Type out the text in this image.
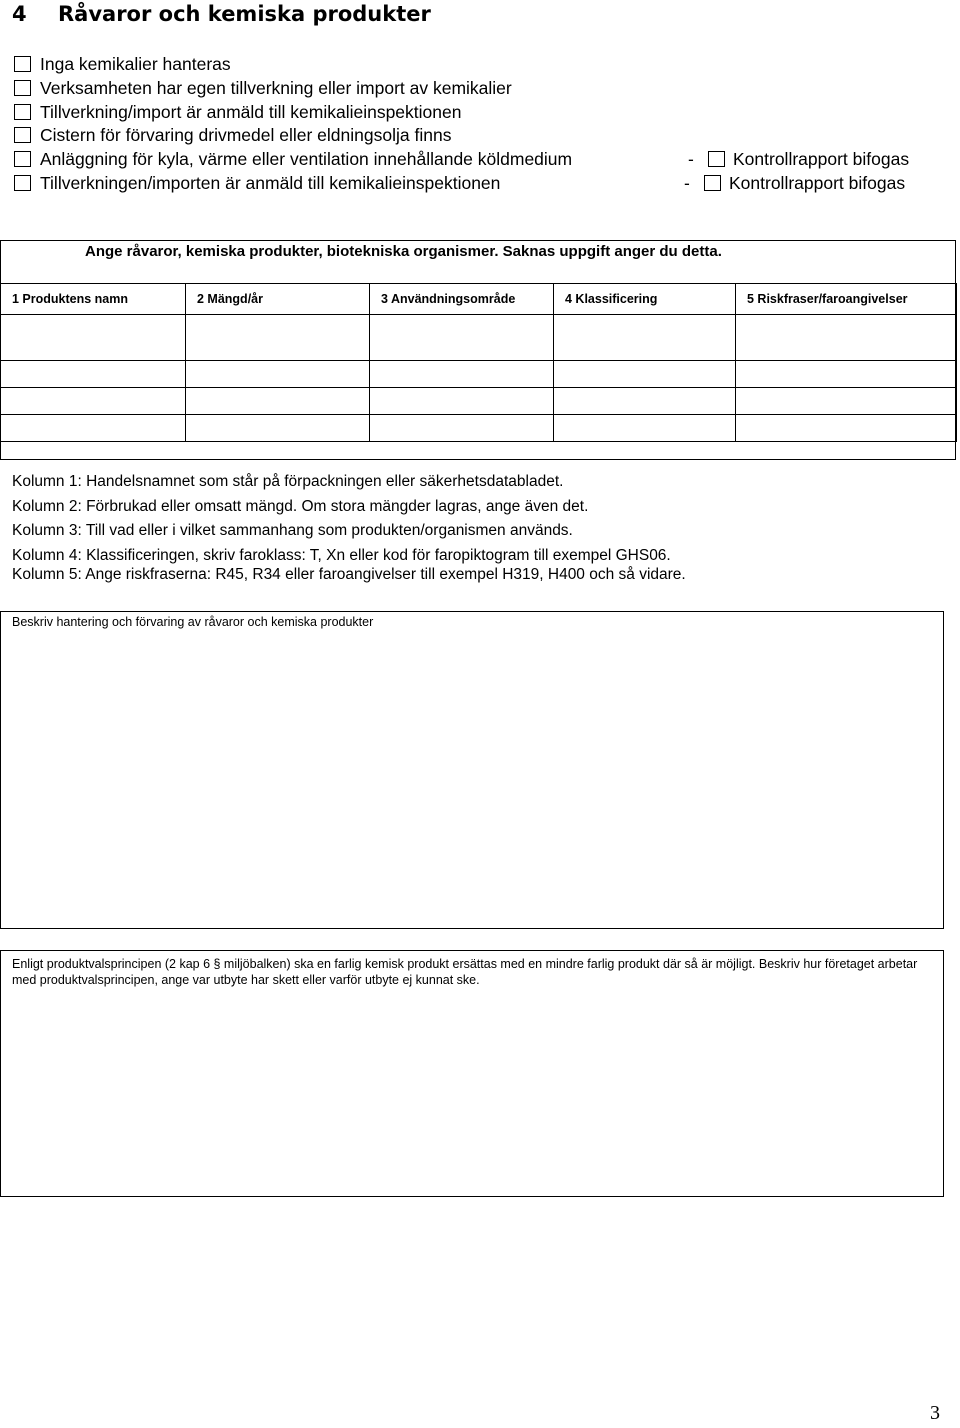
4 Råvaror och kemiska produkter
Inga kemikalier hanteras
Verksamheten har egen tillverkning eller import av kemikalier
Tillverkning/import är anmäld till kemikalieinspektionen
Cistern för förvaring drivmedel eller eldningsolja finns
Anläggning för kyla, värme eller ventilation innehållande köldmedium	- Kontrollrapport bifogas
Tillverkningen/importen är anmäld till kemikalieinspektionen	- Kontrollrapport bifogas
Ange råvaror, kemiska produkter, biotekniska organismer. Saknas uppgift anger du detta.
1 Produktens namn	2 Mängd/år	3 Användningsområde	4 Klassificering	5 Riskfraser/faroangivelser

Kolumn 1: Handelsnamnet som står på förpackningen eller säkerhetsdatabladet.
Kolumn 2: Förbrukad eller omsatt mängd. Om stora mängder lagras, ange även det.
Kolumn 3: Till vad eller i vilket sammanhang som produkten/organismen används.
Kolumn 4: Klassificeringen, skriv faroklass: T, Xn eller kod för faropiktogram till exempel GHS06.
Kolumn 5: Ange riskfraserna: R45, R34 eller faroangivelser till exempel H319, H400 och så vidare.
Beskriv hantering och förvaring av råvaror och kemiska produkter
Enligt produktvalsprincipen (2 kap 6 § miljöbalken) ska en farlig kemisk produkt ersättas med en mindre farlig produkt där så är möjligt. Beskriv hur företaget arbetar med produktvalsprincipen, ange var utbyte har skett eller varför utbyte ej kunnat ske.
3
